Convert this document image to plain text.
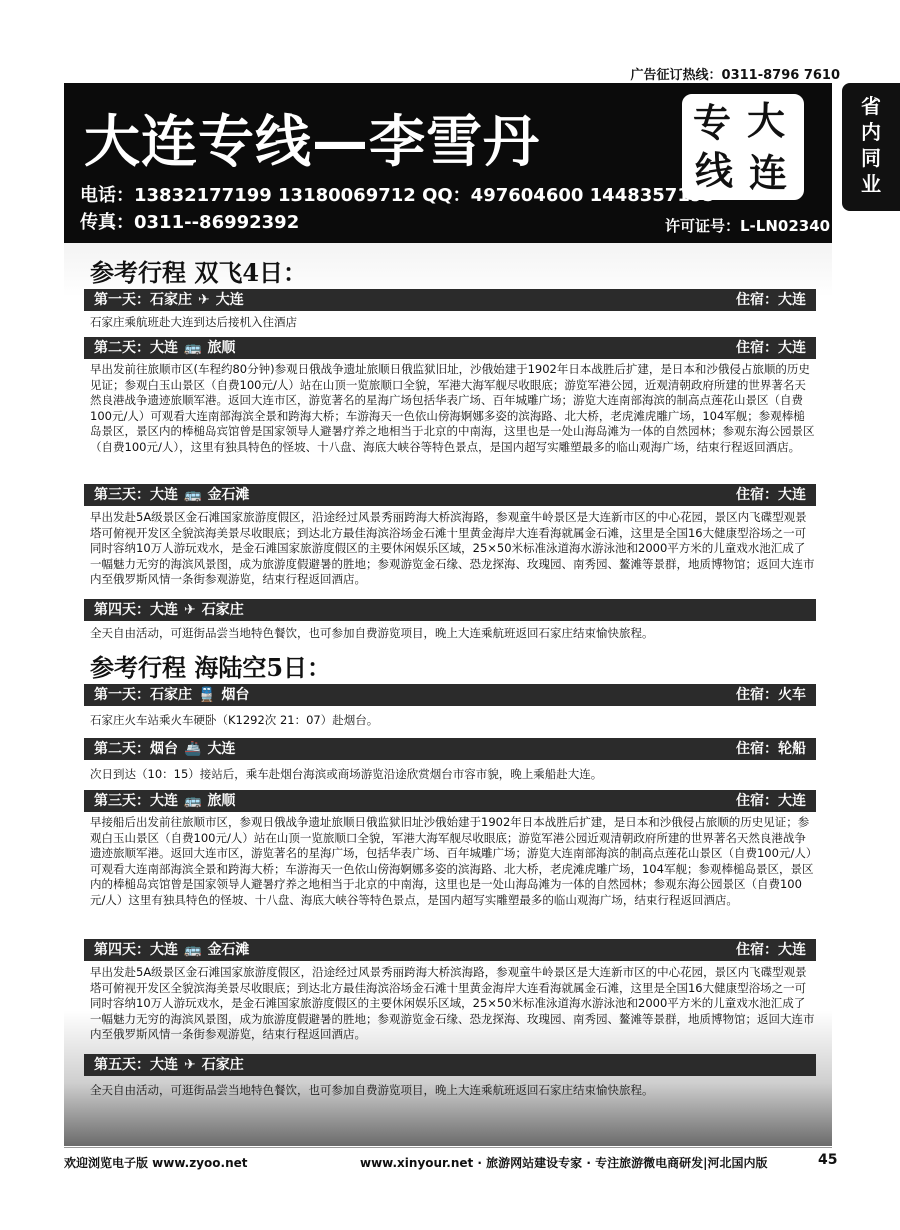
广告征订热线：0311-8796 7610
省
内
同
业
大连专线—李雪丹	专 大
线 连
电话：13832177199 13180069712 QQ：497604600 1448357195
传真：0311--86992392	许可证号：L-LN02340
参考行程 双飞4日：
第一天：石家庄 ✈ 大连	住宿：大连
石家庄乘航班赴大连到达后接机入住酒店
第二天：大连 🚌 旅顺	住宿：大连
早出发前往旅顺市区(车程约80分钟)参观日俄战争遗址旅顺日俄监狱旧址，沙俄始建于1902年日本战胜后扩建，是日本和沙俄侵占旅顺的历史见证；参观白玉山景区（自费100元/人）站在山顶一览旅顺口全貌，军港大海军舰尽收眼底；游览军港公园，近观清朝政府所建的世界著名天然良港战争遗迹旅顺军港。返回大连市区，游览著名的星海广场包括华表广场、百年城雕广场；游览大连南部海滨的制高点莲花山景区（自费100元/人）可观看大连南部海滨全景和跨海大桥；车游海天一色依山傍海婀娜多姿的滨海路、北大桥，老虎滩虎雕广场，104军舰；参观棒槌岛景区，景区内的棒槌岛宾馆曾是国家领导人避暑疗养之地相当于北京的中南海，这里也是一处山海岛滩为一体的自然园林；参观东海公园景区（自费100元/人），这里有独具特色的怪坡、十八盘、海底大峡谷等特色景点，是国内超写实雕塑最多的临山观海广场，结束行程返回酒店。
第三天：大连 🚌 金石滩	住宿：大连
早出发赴5A级景区金石滩国家旅游度假区，沿途经过风景秀丽跨海大桥滨海路，参观童牛岭景区是大连新市区的中心花园，景区内飞碟型观景塔可俯视开发区全貌滨海美景尽收眼底；到达北方最佳海滨浴场金石滩十里黄金海岸大连看海就属金石滩，这里是全国16大健康型浴场之一可同时容纳10万人游玩戏水，是金石滩国家旅游度假区的主要休闲娱乐区域，25×50米标准泳道海水游泳池和2000平方米的儿童戏水池汇成了一幅魅力无穷的海滨风景图，成为旅游度假避暑的胜地；参观游览金石缘、恐龙探海、玫瑰园、南秀园、鳌滩等景群，地质博物馆；返回大连市内至俄罗斯风情一条街参观游览，结束行程返回酒店。
第四天：大连 ✈ 石家庄
全天自由活动，可逛街品尝当地特色餐饮，也可参加自费游览项目，晚上大连乘航班返回石家庄结束愉快旅程。
参考行程 海陆空5日：
第一天：石家庄 🚆 烟台	住宿：火车
石家庄火车站乘火车硬卧（K1292次 21：07）赴烟台。
第二天：烟台 🚢 大连	住宿：轮船
次日到达（10：15）接站后，乘车赴烟台海滨或商场游览沿途欣赏烟台市容市貌，晚上乘船赴大连。
第三天：大连 🚌 旅顺	住宿：大连
早接船后出发前往旅顺市区，参观日俄战争遗址旅顺日俄监狱旧址沙俄始建于1902年日本战胜后扩建，是日本和沙俄侵占旅顺的历史见证；参观白玉山景区（自费100元/人）站在山顶一览旅顺口全貌，军港大海军舰尽收眼底；游览军港公园近观清朝政府所建的世界著名天然良港战争遗迹旅顺军港。返回大连市区，游览著名的星海广场，包括华表广场、百年城雕广场；游览大连南部海滨的制高点莲花山景区（自费100元/人）可观看大连南部海滨全景和跨海大桥；车游海天一色依山傍海婀娜多姿的滨海路、北大桥，老虎滩虎雕广场，104军舰；参观棒槌岛景区，景区内的棒槌岛宾馆曾是国家领导人避暑疗养之地相当于北京的中南海，这里也是一处山海岛滩为一体的自然园林；参观东海公园景区（自费100元/人）这里有独具特色的怪坡、十八盘、海底大峡谷等特色景点，是国内超写实雕塑最多的临山观海广场，结束行程返回酒店。
第四天：大连 🚌 金石滩	住宿：大连
早出发赴5A级景区金石滩国家旅游度假区，沿途经过风景秀丽跨海大桥滨海路，参观童牛岭景区是大连新市区的中心花园，景区内飞碟型观景塔可俯视开发区全貌滨海美景尽收眼底；到达北方最佳海滨浴场金石滩十里黄金海岸大连看海就属金石滩，这里是全国16大健康型浴场之一可同时容纳10万人游玩戏水，是金石滩国家旅游度假区的主要休闲娱乐区域，25×50米标准泳道海水游泳池和2000平方米的儿童戏水池汇成了一幅魅力无穷的海滨风景图，成为旅游度假避暑的胜地；参观游览金石缘、恐龙探海、玫瑰园、南秀园、鳌滩等景群，地质博物馆；返回大连市内至俄罗斯风情一条街参观游览，结束行程返回酒店。
第五天：大连 ✈ 石家庄
全天自由活动，可逛街品尝当地特色餐饮，也可参加自费游览项目，晚上大连乘航班返回石家庄结束愉快旅程。
欢迎浏览电子版 www.zyoo.net	www.xinyour.net · 旅游网站建设专家 · 专注旅游微电商研发|河北国内版	45
